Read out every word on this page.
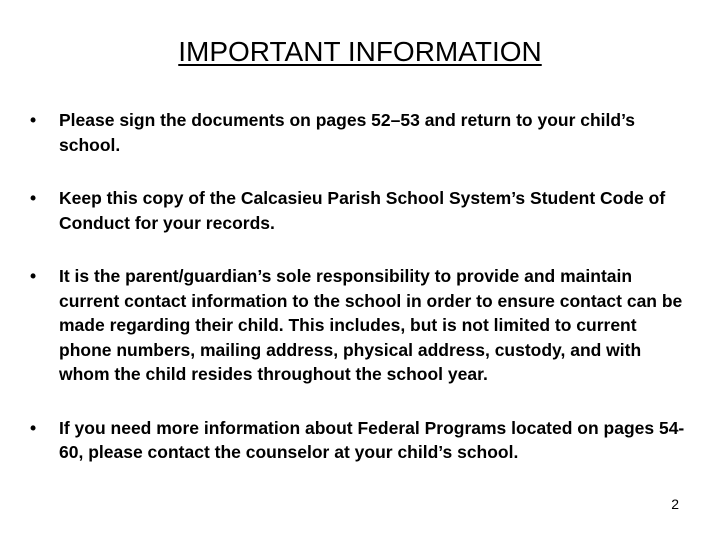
IMPORTANT INFORMATION
• Please sign the documents on pages 52–53 and return to your child’s school.
• Keep this copy of the Calcasieu Parish School System’s Student Code of Conduct for your records.
• It is the parent/guardian’s sole responsibility to provide and maintain current contact information to the school in order to ensure contact can be made regarding their child. This includes, but is not limited to current phone numbers, mailing address, physical address, custody, and with whom the child resides throughout the school year.
• If you need more information about Federal Programs located on pages 54-60, please contact the counselor at your child’s school.
2
